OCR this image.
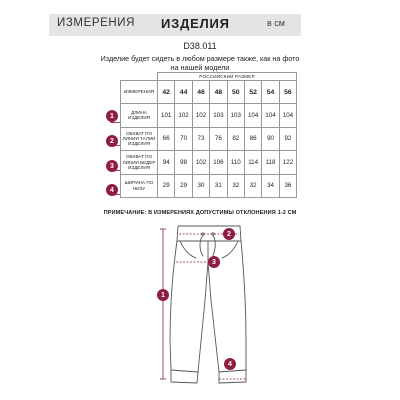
ИЗМЕРЕНИЯ ИЗДЕЛИЯ	в см
D38.011
Изделие будет сидеть в любом размере также, как на фото на нашей модели
	РОССИЙСКИЙ РАЗМЕР							
ИЗМЕРЕНИЯ	42	44	46	48	50	52	54	56
ДЛИНА ИЗДЕЛИЯ	101	102	102	103	103	104	104	104
ОБХВАТ ПО ЛИНИИ ТАЛИИ ИЗДЕЛИЯ	66	70	73	76	82	86	90	92
ОБХВАТ ПО ЛИНИИ БЕДЕР ИЗДЕЛИЯ	94	98	102	106	110	114	118	122
ШИРИНА ПО НИЗУ	29	29	30	31	32	32	34	36
1
2
3
4
ПРИМЕЧАНИЕ: В ИЗМЕРЕНИЯХ ДОПУСТИМЫ ОТКЛОНЕНИЯ 1-2 СМ
1
2
3
4
